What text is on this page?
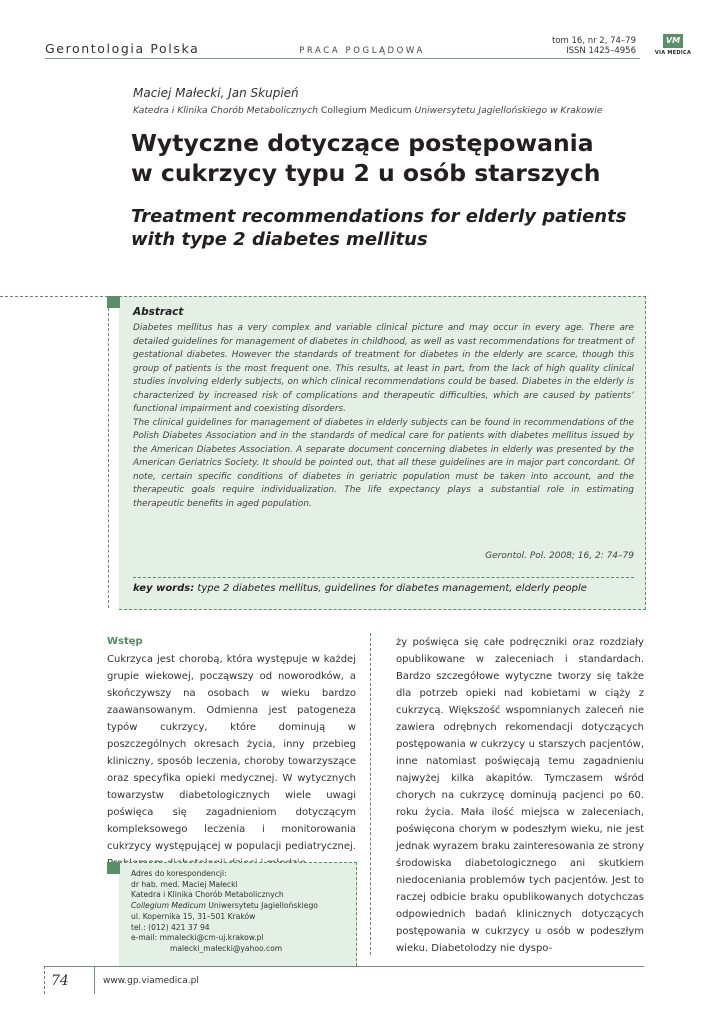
Gerontologia Polska	PRACA POGLĄDOWA
tom 16, nr 2, 74–79
ISSN 1425–4956
VM
VIA MEDICA
Maciej Małecki, Jan Skupień
Katedra i Klinika Chorób Metabolicznych Collegium Medicum Uniwersytetu Jagiellońskiego w Krakowie
Wytyczne dotyczące postępowania
w cukrzycy typu 2 u osób starszych
Treatment recommendations for elderly patients
with type 2 diabetes mellitus
Abstract

Diabetes mellitus has a very complex and variable clinical picture and may occur in every age. There are detailed guidelines for management of diabetes in childhood, as well as vast recommendations for treatment of gestational diabetes. However the standards of treatment for diabetes in the elderly are scarce, though this group of patients is the most frequent one. This results, at least in part, from the lack of high quality clinical studies involving elderly subjects, on which clinical recommendations could be based. Diabetes in the elderly is characterized by increased risk of complications and therapeutic difficulties, which are caused by patients’ functional impairment and coexisting disorders.

The clinical guidelines for management of diabetes in elderly subjects can be found in recommendations of the Polish Diabetes Association and in the standards of medical care for patients with diabetes mellitus issued by the American Diabetes Association. A separate document concerning diabetes in elderly was presented by the American Geriatrics Society. It should be pointed out, that all these guidelines are in major part concordant. Of note, certain specific conditions of diabetes in geriatric population must be taken into account, and the therapeutic goals require individualization. The life expectancy plays a substantial role in estimating therapeutic benefits in aged population.

Gerontol. Pol. 2008; 16, 2: 74–79
key words: type 2 diabetes mellitus, guidelines for diabetes management, elderly people
Wstęp
Cukrzyca jest chorobą, która występuje w każdej grupie wiekowej, począwszy od noworodków, a skończywszy na osobach w wieku bardzo zaawansowanym. Odmienna jest patogeneza typów cukrzycy, które dominują w poszczególnych okresach życia, inny przebieg kliniczny, sposób leczenia, choroby towarzyszące oraz specyfika opieki medycznej. W wytycznych towarzystw diabetologicznych wiele uwagi poświęca się zagadnieniom dotyczącym kompleksowego leczenia i monitorowania cukrzycy występującej w populacji pediatrycznej.
ży poświęca się całe podręczniki oraz rozdziały opublikowane w zaleceniach i standardach. Bardzo szczegółowe wytyczne tworzy się także dla potrzeb opieki nad kobietami w ciąży z cukrzycą. Większość wspomnianych zaleceń nie zawiera odrębnych rekomendacji dotyczących postępowania w cukrzycy u starszych pacjentów, inne natomiast poświęcają temu zagadnieniu najwyżej kilka akapitów. Tymczasem wśród chorych na cukrzycę dominują pacjenci po 60. roku życia. Mała ilość miejsca w zaleceniach, poświęcona chorym w podeszłym wieku, nie jest jednak wyrazem braku zainteresowania ze strony środowiska diabetologicznego ani skutkiem niedoceniania problemów tych pacjentów. Jest to raczej odbicie braku opublikowanych dotychczas odpowiednich badań klinicznych dotyczących postępowania w cukrzycy u osób w podeszłym wieku. Diabetolodzy nie dyspo-
Adres do korespondencji:
dr hab. med. Maciej Małecki
Katedra i Klinika Chorób Metabolicznych
Collegium Medicum Uniwersytetu Jagiellońskiego
ul. Kopernika 15, 31–501 Kraków
tel.: (012) 421 37 94
e-mail: mmalecki@cm-uj.krakow.pl
malecki_malecki@yahoo.com
74	www.gp.viamedica.pl
